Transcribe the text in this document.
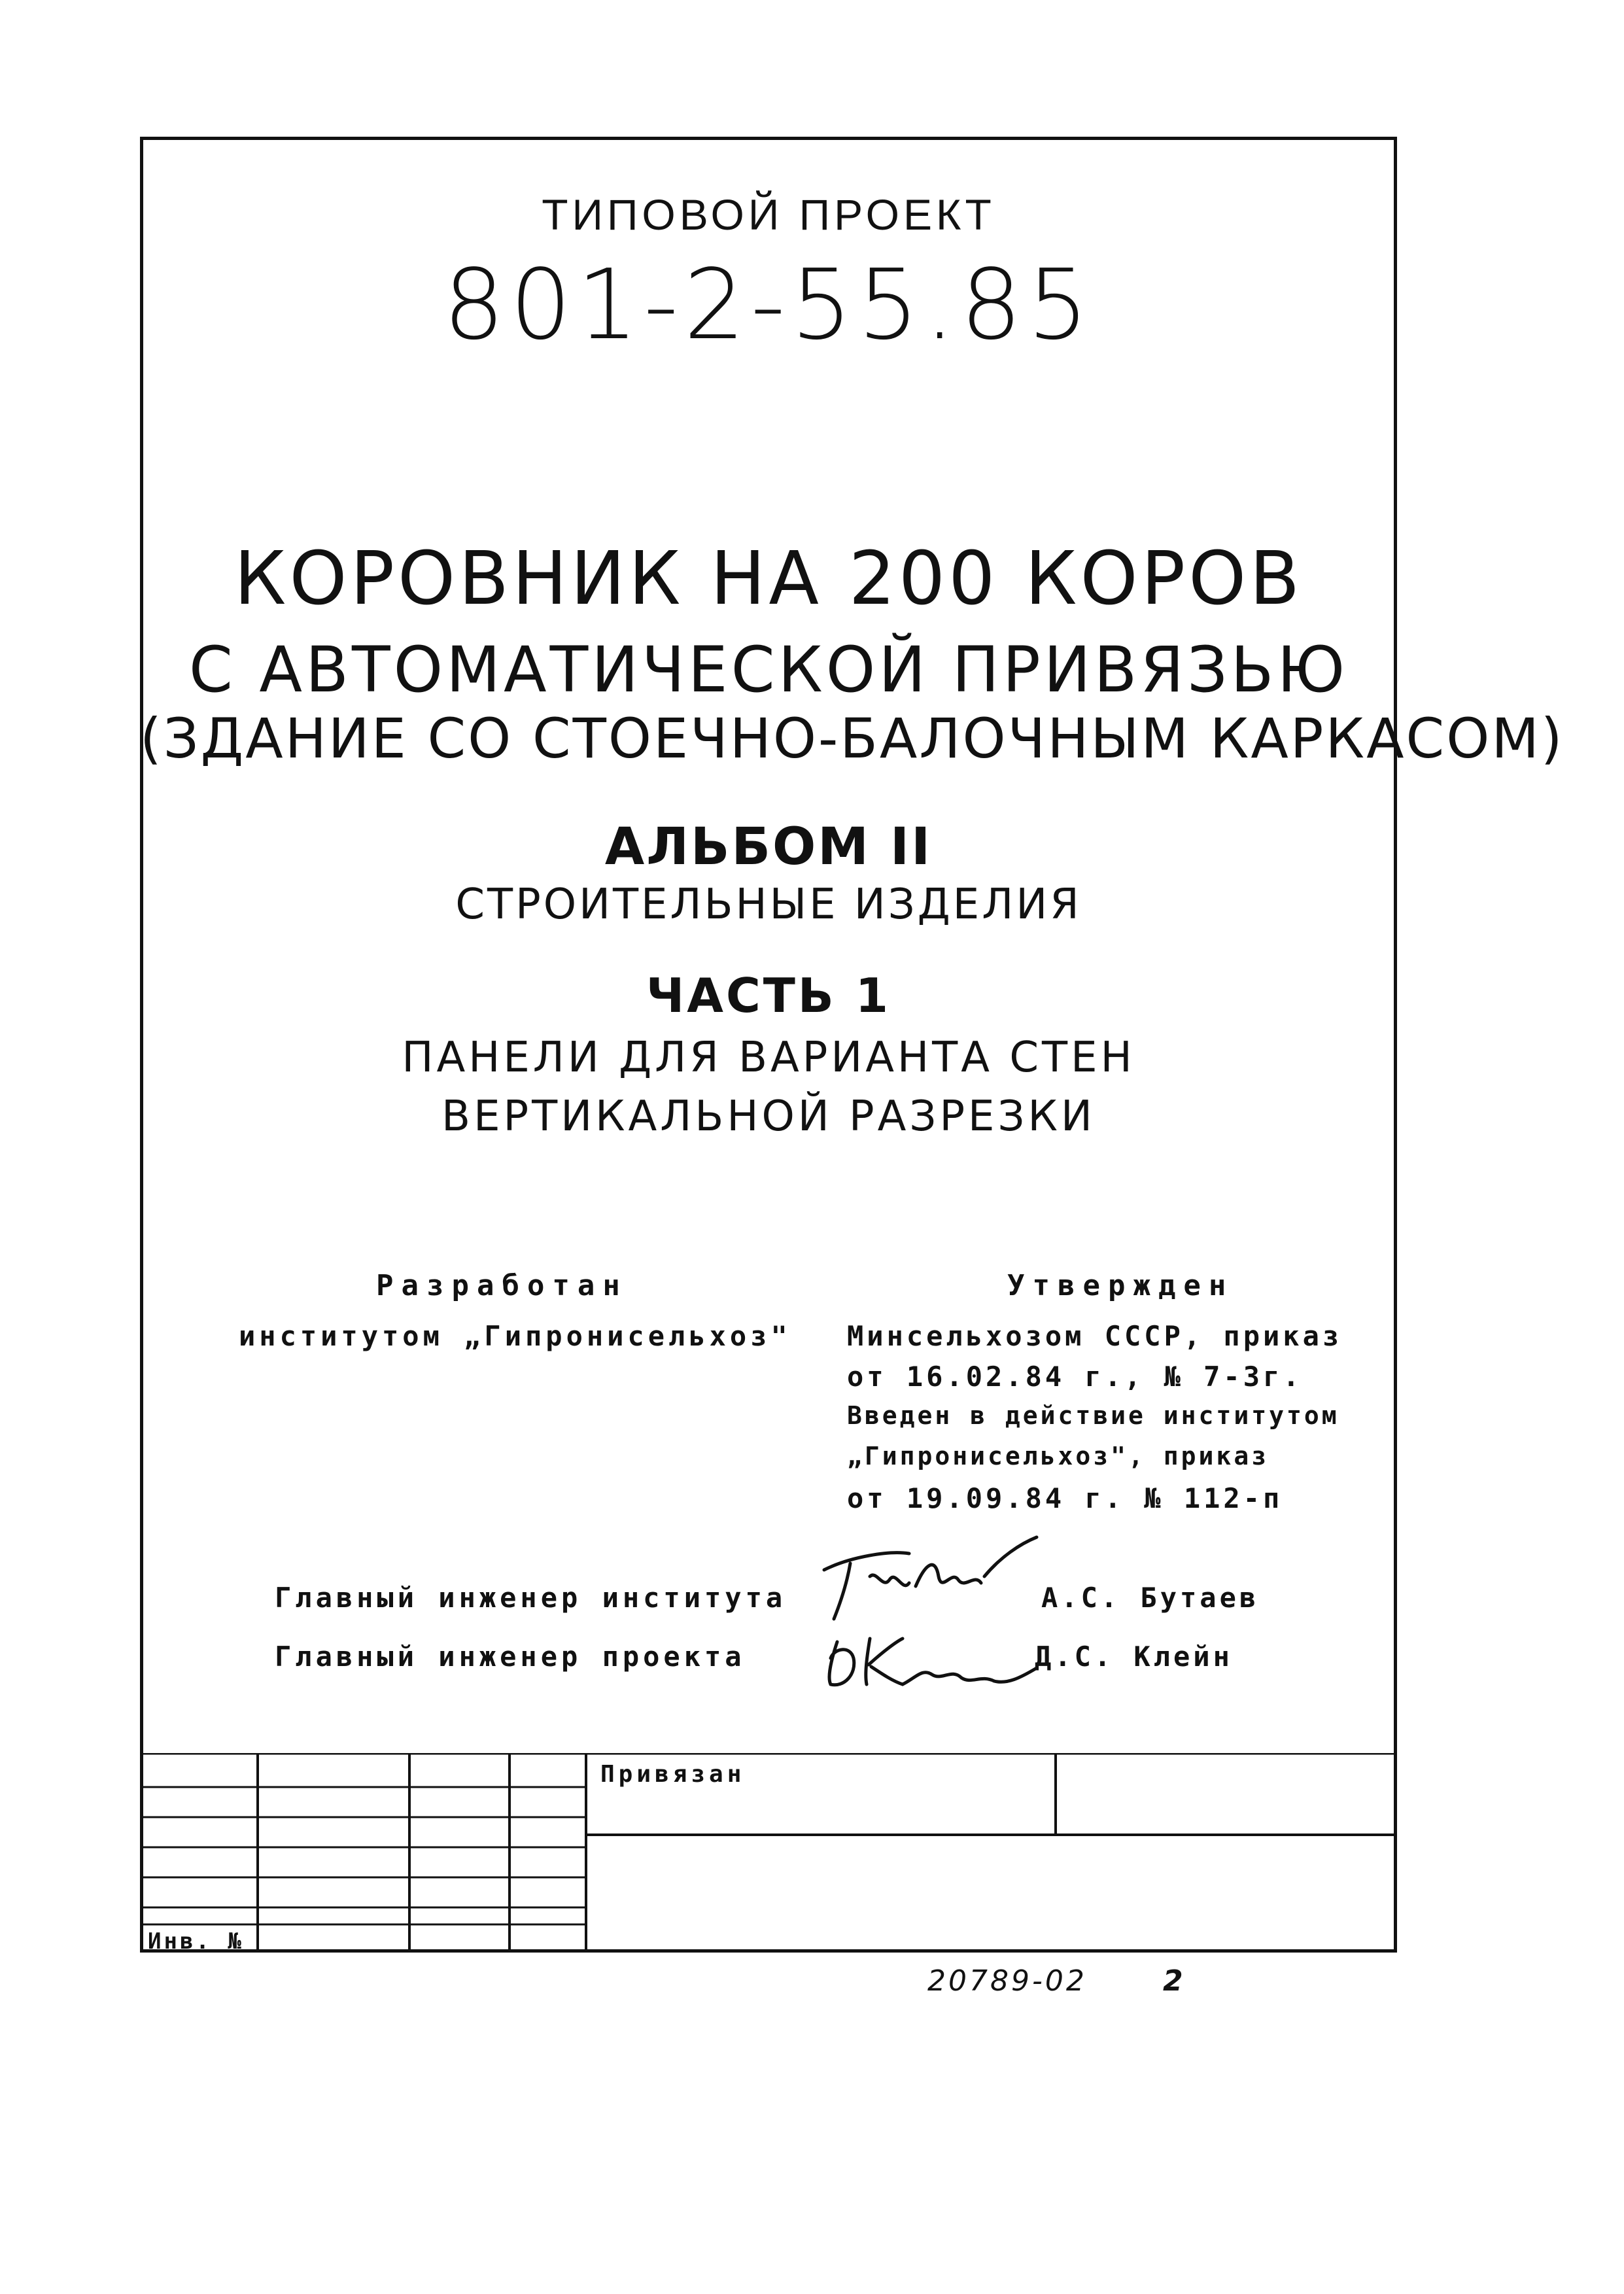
ТИПОВОЙ ПРОЕКТ
801-2-55.85
КОРОВНИК НА 200 КОРОВ
С АВТОМАТИЧЕСКОЙ ПРИВЯЗЬЮ
(ЗДАНИЕ СО СТОЕЧНО-БАЛОЧНЫМ КАРКАСОМ)
АЛЬБОМ II
СТРОИТЕЛЬНЫЕ ИЗДЕЛИЯ
ЧАСТЬ 1
ПАНЕЛИ ДЛЯ ВАРИАНТА СТЕН
ВЕРТИКАЛЬНОЙ РАЗРЕЗКИ
Разработан
институтом „Гипронисельхоз"
Утвержден
Минсельхозом СССР, приказ
от 16.02.84 г., № 7-3г.
Введен в действие институтом
„Гипронисельхоз", приказ
от 19.09.84 г. № 112-п
Главный инженер института	А.С. Бутаев
Главный инженер проекта	Д.С. Клейн
Привязан
Инв. №
20789-02	2
